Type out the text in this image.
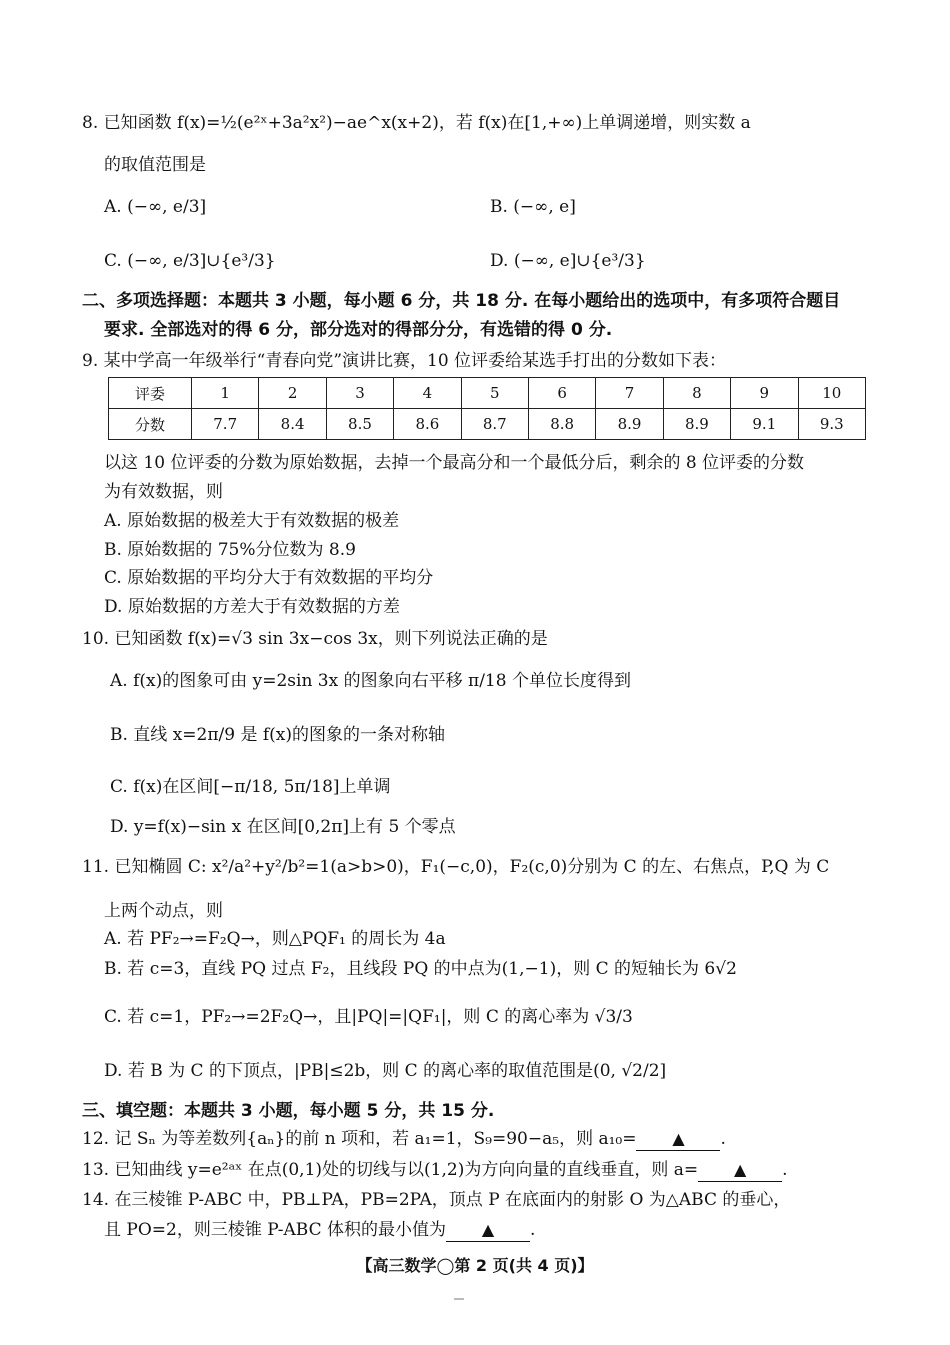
8. 已知函数 f(x)=½(e²ˣ+3a²x²)−ae^x(x+2)，若 f(x)在[1,+∞)上单调递增，则实数 a
的取值范围是
A. (−∞, e/3]	B. (−∞, e]
C. (−∞, e/3]∪{e³/3}	D. (−∞, e]∪{e³/3}
二、多项选择题：本题共 3 小题，每小题 6 分，共 18 分. 在每小题给出的选项中，有多项符合题目
要求. 全部选对的得 6 分，部分选对的得部分分，有选错的得 0 分.
9. 某中学高一年级举行“青春向党”演讲比赛，10 位评委给某选手打出的分数如下表：
评委	1	2	3	4	5	6	7	8	9	10
分数	7.7	8.4	8.5	8.6	8.7	8.8	8.9	8.9	9.1	9.3
以这 10 位评委的分数为原始数据，去掉一个最高分和一个最低分后，剩余的 8 位评委的分数
为有效数据，则
A. 原始数据的极差大于有效数据的极差
B. 原始数据的 75%分位数为 8.9
C. 原始数据的平均分大于有效数据的平均分
D. 原始数据的方差大于有效数据的方差
10. 已知函数 f(x)=√3 sin 3x−cos 3x，则下列说法正确的是
A. f(x)的图象可由 y=2sin 3x 的图象向右平移 π/18 个单位长度得到
B. 直线 x=2π/9 是 f(x)的图象的一条对称轴
C. f(x)在区间[−π/18, 5π/18]上单调
D. y=f(x)−sin x 在区间[0,2π]上有 5 个零点
11. 已知椭圆 C: x²/a²+y²/b²=1(a>b>0)，F₁(−c,0)，F₂(c,0)分别为 C 的左、右焦点，P,Q 为 C
上两个动点，则
A. 若 PF₂→=F₂Q→，则△PQF₁ 的周长为 4a
B. 若 c=3，直线 PQ 过点 F₂，且线段 PQ 的中点为(1,−1)，则 C 的短轴长为 6√2
C. 若 c=1，PF₂→=2F₂Q→，且|PQ|=|QF₁|，则 C 的离心率为 √3/3
D. 若 B 为 C 的下顶点，|PB|≤2b，则 C 的离心率的取值范围是(0, √2/2]
三、填空题：本题共 3 小题，每小题 5 分，共 15 分.
12. 记 Sₙ 为等差数列{aₙ}的前 n 项和，若 a₁=1，S₉=90−a₅，则 a₁₀= ▲ .
13. 已知曲线 y=e²ᵃˣ 在点(0,1)处的切线与以(1,2)为方向向量的直线垂直，则 a= ▲ .
14. 在三棱锥 P-ABC 中，PB⊥PA，PB=2PA，顶点 P 在底面内的射影 O 为△ABC 的垂心，
且 PO=2，则三棱锥 P-ABC 体积的最小值为 ▲ .
【高三数学◯第 2 页(共 4 页)】
